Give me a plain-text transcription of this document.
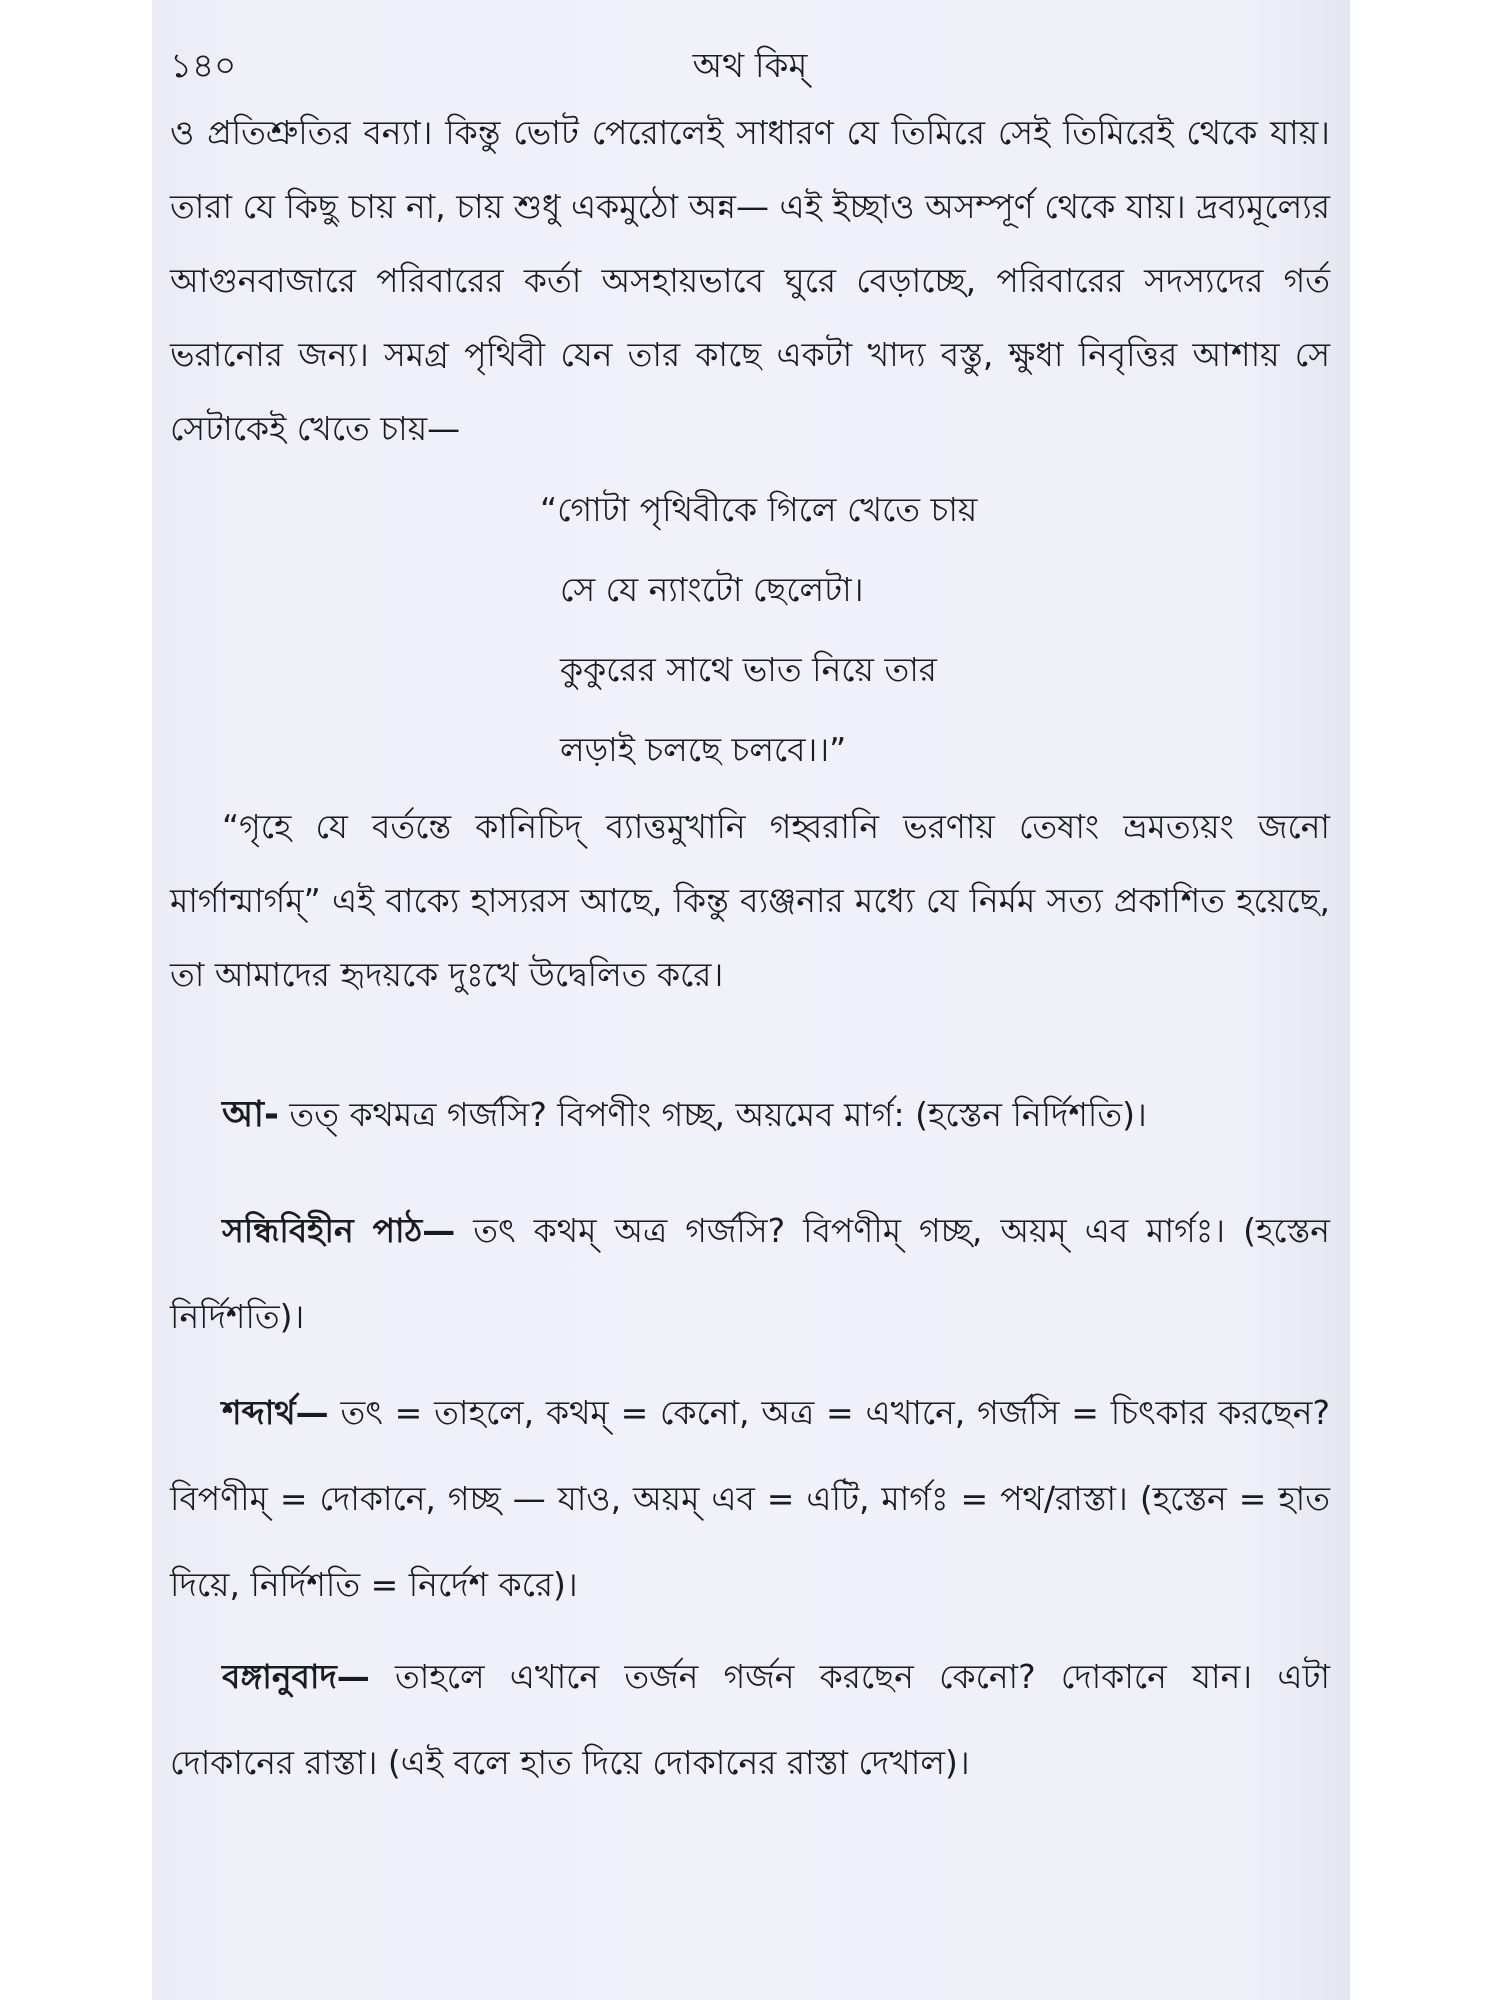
১৪০	অথ কিম্

ও প্রতিশ্রুতির বন্যা। কিন্তু ভোট পেরোলেই সাধারণ যে তিমিরে সেই তিমিরেই থেকে যায়। তারা যে কিছু চায় না, চায় শুধু একমুঠো অন্ন— এই ইচ্ছাও অসম্পূর্ণ থেকে যায়। দ্রব্যমূল্যের আগুনবাজারে পরিবারের কর্তা অসহায়ভাবে ঘুরে বেড়াচ্ছে, পরিবারের সদস্যদের গর্ত ভরানোর জন্য। সমগ্র পৃথিবী যেন তার কাছে একটা খাদ্য বস্তু, ক্ষুধা নিবৃত্তির আশায় সে সেটাকেই খেতে চায়—

“গোটা পৃথিবীকে গিলে খেতে চায়
সে যে ন্যাংটো ছেলেটা।
কুকুরের সাথে ভাত নিয়ে তার
লড়াই চলছে চলবে।।”

“গৃহে যে বর্তন্তে কানিচিদ্ ব্যাত্তমুখানি গহ্বরানি ভরণায় তেষাং ভ্রমত্যয়ং জনো মার্গান্মার্গম্” এই বাক্যে হাস্যরস আছে, কিন্তু ব্যঞ্জনার মধ্যে যে নির্মম সত্য প্রকাশিত হয়েছে, তা আমাদের হৃদয়কে দুঃখে উদ্বেলিত করে।

আ- তত্ কথমত্র গর্জসি? বিপণীং গচ্ছ, অয়মেব মার্গ: (হস্তেন নির্দিশতি)।

সন্ধিবিহীন পাঠ— তৎ কথম্ অত্র গর্জসি? বিপণীম্ গচ্ছ, অয়ম্ এব মার্গঃ। (হস্তেন নির্দিশতি)।

শব্দার্থ— তৎ = তাহলে, কথম্ = কেনো, অত্র = এখানে, গর্জসি = চিৎকার করছেন? বিপণীম্ = দোকানে, গচ্ছ — যাও, অয়ম্ এব = এটি, মার্গঃ = পথ/রাস্তা। (হস্তেন = হাত দিয়ে, নির্দিশতি = নির্দেশ করে)।

বঙ্গানুবাদ— তাহলে এখানে তর্জন গর্জন করছেন কেনো? দোকানে যান। এটা দোকানের রাস্তা। (এই বলে হাত দিয়ে দোকানের রাস্তা দেখাল)।
